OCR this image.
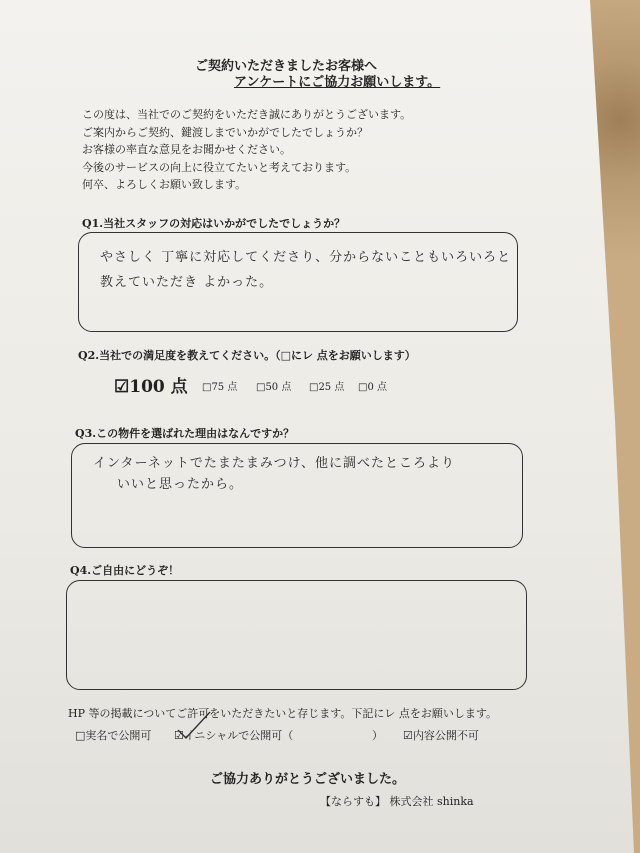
ご契約いただきましたお客様へ
アンケートにご協力お願いします。
この度は、当社でのご契約をいただき誠にありがとうございます。
ご案内からご契約、鍵渡しまでいかがでしたでしょうか？
お客様の率直な意見をお聞かせください。
今後のサービスの向上に役立てたいと考えております。
何卒、よろしくお願い致します。
Q1.当社スタッフの対応はいかがでしたでしょうか？
やさしく 丁寧に対応してくださり、分からないこともいろいろと
教えていただき よかった。
Q2.当社での満足度を教えてください。（□にレ 点をお願いします）
☑100 点 □75 点 □50 点 □25 点 □0 点
Q3.この物件を選ばれた理由はなんですか？
インターネットでたまたまみつけ、他に調べたところより
いいと思ったから。
Q4.ご自由にどうぞ！
HP 等の掲載についてご許可をいただきたいと存じます。下記にレ 点をお願いします。
□実名で公開可 ☑イニシャルで公開可（	） ☑内容公開不可
ご協力ありがとうございました。
【ならすも】 株式会社 shinka
